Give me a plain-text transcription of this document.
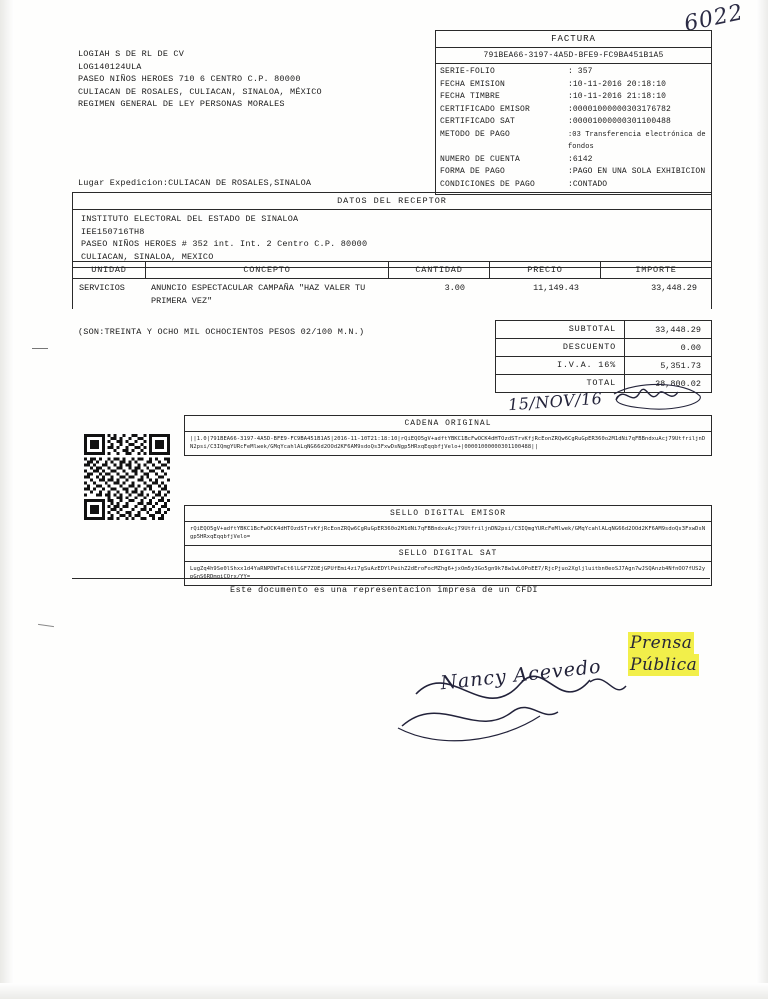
6022
LOGIAH S DE RL DE CV
LOG140124ULA
PASEO NIÑOS HEROES 710 6 CENTRO C.P. 80000
CULIACAN DE ROSALES, CULIACAN, SINALOA, MÉXICO
REGIMEN GENERAL DE LEY PERSONAS MORALES
FACTURA
791BEA66-3197-4A5D-BFE9-FC9BA451B1A5
SERIE-FOLIO	: 357
FECHA EMISION	:10-11-2016 20:18:10
FECHA TIMBRE	:10-11-2016 21:18:10
CERTIFICADO EMISOR	:00001000000303176782
CERTIFICADO SAT	:00001000000301100488
METODO DE PAGO	:03 Transferencia electrónica de fondos
NUMERO DE CUENTA	:6142
FORMA DE PAGO	:PAGO EN UNA SOLA EXHIBICION
CONDICIONES DE PAGO	:CONTADO
Lugar Expedicion:CULIACAN DE ROSALES,SINALOA
DATOS DEL RECEPTOR
INSTITUTO ELECTORAL DEL ESTADO DE SINALOA
IEE150716TH8
PASEO NIÑOS HEROES # 352 int. Int. 2 Centro C.P. 80000
CULIACAN, SINALOA, MEXICO
UNIDAD	CONCEPTO	CANTIDAD	PRECIO	IMPORTE
SERVICIOS	ANUNCIO ESPECTACULAR CAMPAÑA "HAZ VALER TU
PRIMERA VEZ"
3.00	11,149.43	33,448.29
(SON:TREINTA Y OCHO MIL OCHOCIENTOS PESOS 02/100 M.N.)	SUBTOTAL	33,448.29
DESCUENTO	0.00
I.V.A. 16%	5,351.73
TOTAL	38,800.02
15/NOV/16
CADENA ORIGINAL
||1.0|791BEA66-3197-4A5D-BFE9-FC9BA451B1A5|2016-11-10T21:18:10|rQiEQO5gV+adftYBKC1BcFwOCK4dHTOzdSTrvKfjRcEonZRQw6CgRuGpER360o2M1dNi7qFBBndxuAcj79UtfriljnDN2psi/C3IQmgYURcFeMlwek/GMqYcahlALqNG66d2OOd2KF6AM9sdoQs3FxwDsNgp5HRxqEqqbfjVelo+|00001000000301100488||
SELLO DIGITAL EMISOR
rQiEQO5gV+adftYBKC1BcFwOCK4dHTOzdSTrvKfjRcEonZRQw6CgRuGpER360o2M1dNi7qFBBndxuAcj79UtfriljnDN2psi/C3IQmgYURcFeMlwek/GMqYcahlALqNG66d2OOd2KF6AM9sdoQs3FxwDsNgp5HRxqEqqbfjVelo=
SELLO DIGITAL SAT
LugZq4h9Se0lShxx1d4YaRNPDWTeCt6lLGF7ZOEjGPUfEmi4zi7gSuAzEDYlPeihZ2dEroFocMZhg6+jxOm5y3Go5gn9k78w1wLOPoEE7/RjcPjuo2Xgljluitbn0eoSJ7Agn7wJSQAnzb4NfnOO7fUS2ypGnS6RDmgiCQrx/YY=
Este documento es una representacion impresa de un CFDI
Nancy Acevedo
Prensa
Pública
